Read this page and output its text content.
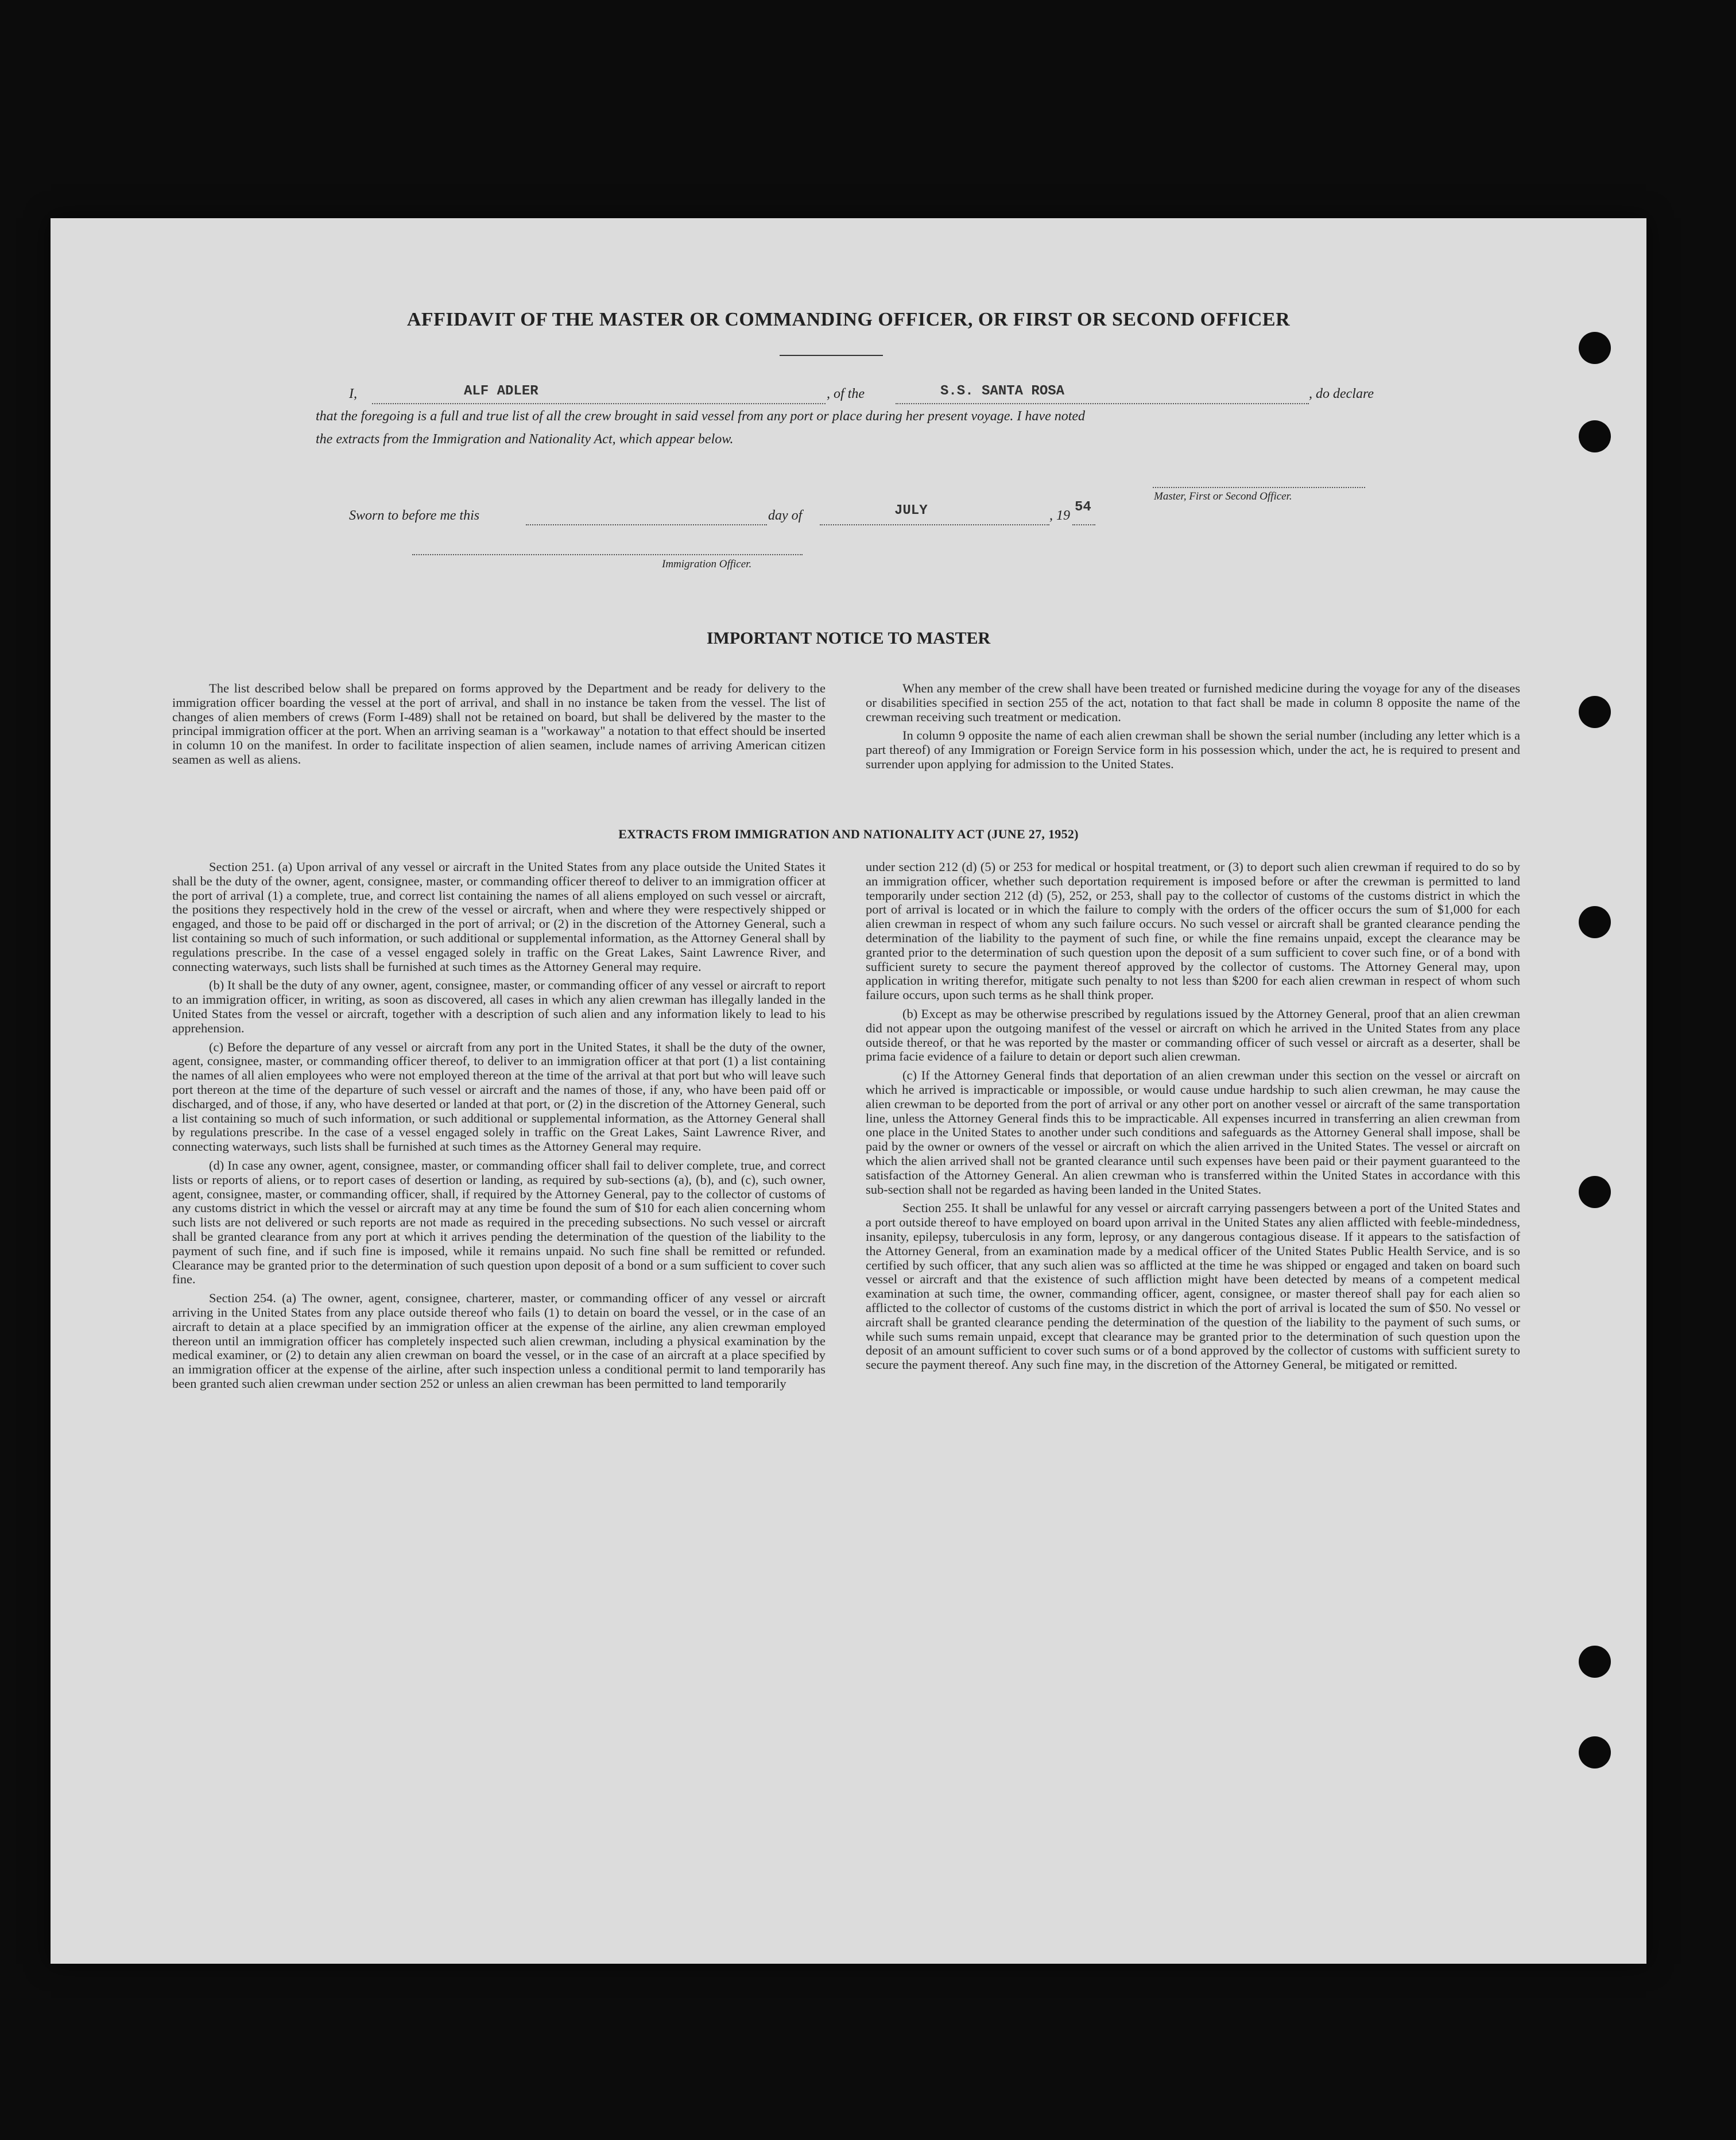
AFFIDAVIT OF THE MASTER OR COMMANDING OFFICER, OR FIRST OR SECOND OFFICER
I,	ALF ADLER	, of the	S.S. SANTA ROSA	, do declare
that the foregoing is a full and true list of all the crew brought in said vessel from any port or place during her present voyage. I have noted
the extracts from the Immigration and Nationality Act, which appear below.
Master, First or Second Officer.
Sworn to before me this	day of	JULY	, 19
54
Immigration Officer.
IMPORTANT NOTICE TO MASTER

The list described below shall be prepared on forms approved by the Department and be ready for delivery to the immigration officer boarding the vessel at the port of arrival, and shall in no instance be taken from the vessel. The list of changes of alien members of crews (Form I-489) shall not be retained on board, but shall be delivered by the master to the principal immigration officer at the port. When an arriving seaman is a "workaway" a notation to that effect should be inserted in column 10 on the manifest. In order to facilitate inspection of alien seamen, include names of arriving American citizen seamen as well as aliens.

When any member of the crew shall have been treated or furnished medicine during the voyage for any of the diseases or disabilities specified in section 255 of the act, notation to that fact shall be made in column 8 opposite the name of the crewman receiving such treatment or medication.

In column 9 opposite the name of each alien crewman shall be shown the serial number (including any letter which is a part thereof) of any Immigration or Foreign Service form in his possession which, under the act, he is required to present and surrender upon applying for admission to the United States.

EXTRACTS FROM IMMIGRATION AND NATIONALITY ACT (JUNE 27, 1952)

Section 251. (a) Upon arrival of any vessel or aircraft in the United States from any place outside the United States it shall be the duty of the owner, agent, consignee, master, or commanding officer thereof to deliver to an immigration officer at the port of arrival (1) a complete, true, and correct list containing the names of all aliens employed on such vessel or aircraft, the positions they respectively hold in the crew of the vessel or aircraft, when and where they were respectively shipped or engaged, and those to be paid off or discharged in the port of arrival; or (2) in the discretion of the Attorney General, such a list containing so much of such information, or such additional or supplemental information, as the Attorney General shall by regulations prescribe. In the case of a vessel engaged solely in traffic on the Great Lakes, Saint Lawrence River, and connecting waterways, such lists shall be furnished at such times as the Attorney General may require.

(b) It shall be the duty of any owner, agent, consignee, master, or commanding officer of any vessel or aircraft to report to an immigration officer, in writing, as soon as discovered, all cases in which any alien crewman has illegally landed in the United States from the vessel or aircraft, together with a description of such alien and any information likely to lead to his apprehension.

(c) Before the departure of any vessel or aircraft from any port in the United States, it shall be the duty of the owner, agent, consignee, master, or commanding officer thereof, to deliver to an immigration officer at that port (1) a list containing the names of all alien employees who were not employed thereon at the time of the arrival at that port but who will leave such port thereon at the time of the departure of such vessel or aircraft and the names of those, if any, who have been paid off or discharged, and of those, if any, who have deserted or landed at that port, or (2) in the discretion of the Attorney General, such a list containing so much of such information, or such additional or supplemental information, as the Attorney General shall by regulations prescribe. In the case of a vessel engaged solely in traffic on the Great Lakes, Saint Lawrence River, and connecting waterways, such lists shall be furnished at such times as the Attorney General may require.

(d) In case any owner, agent, consignee, master, or commanding officer shall fail to deliver complete, true, and correct lists or reports of aliens, or to report cases of desertion or landing, as required by sub-sections (a), (b), and (c), such owner, agent, consignee, master, or commanding officer, shall, if required by the Attorney General, pay to the collector of customs of any customs district in which the vessel or aircraft may at any time be found the sum of $10 for each alien concerning whom such lists are not delivered or such reports are not made as required in the preceding subsections. No such vessel or aircraft shall be granted clearance from any port at which it arrives pending the determination of the question of the liability to the payment of such fine, and if such fine is imposed, while it remains unpaid. No such fine shall be remitted or refunded. Clearance may be granted prior to the determination of such question upon deposit of a bond or a sum sufficient to cover such fine.

Section 254. (a) The owner, agent, consignee, charterer, master, or commanding officer of any vessel or aircraft arriving in the United States from any place outside thereof who fails (1) to detain on board the vessel, or in the case of an aircraft to detain at a place specified by an immigration officer at the expense of the airline, any alien crewman employed thereon until an immigration officer has completely inspected such alien crewman, including a physical examination by the medical examiner, or (2) to detain any alien crewman on board the vessel, or in the case of an aircraft at a place specified by an immigration officer at the expense of the airline, after such inspection unless a conditional permit to land temporarily has been granted such alien crewman under section 252 or unless an alien crewman has been permitted to land temporarily

under section 212 (d) (5) or 253 for medical or hospital treatment, or (3) to deport such alien crewman if required to do so by an immigration officer, whether such deportation requirement is imposed before or after the crewman is permitted to land temporarily under section 212 (d) (5), 252, or 253, shall pay to the collector of customs of the customs district in which the port of arrival is located or in which the failure to comply with the orders of the officer occurs the sum of $1,000 for each alien crewman in respect of whom any such failure occurs. No such vessel or aircraft shall be granted clearance pending the determination of the liability to the payment of such fine, or while the fine remains unpaid, except the clearance may be granted prior to the determination of such question upon the deposit of a sum sufficient to cover such fine, or of a bond with sufficient surety to secure the payment thereof approved by the collector of customs. The Attorney General may, upon application in writing therefor, mitigate such penalty to not less than $200 for each alien crewman in respect of whom such failure occurs, upon such terms as he shall think proper.

(b) Except as may be otherwise prescribed by regulations issued by the Attorney General, proof that an alien crewman did not appear upon the outgoing manifest of the vessel or aircraft on which he arrived in the United States from any place outside thereof, or that he was reported by the master or commanding officer of such vessel or aircraft as a deserter, shall be prima facie evidence of a failure to detain or deport such alien crewman.

(c) If the Attorney General finds that deportation of an alien crewman under this section on the vessel or aircraft on which he arrived is impracticable or impossible, or would cause undue hardship to such alien crewman, he may cause the alien crewman to be deported from the port of arrival or any other port on another vessel or aircraft of the same transportation line, unless the Attorney General finds this to be impracticable. All expenses incurred in transferring an alien crewman from one place in the United States to another under such conditions and safeguards as the Attorney General shall impose, shall be paid by the owner or owners of the vessel or aircraft on which the alien arrived in the United States. The vessel or aircraft on which the alien arrived shall not be granted clearance until such expenses have been paid or their payment guaranteed to the satisfaction of the Attorney General. An alien crewman who is transferred within the United States in accordance with this sub-section shall not be regarded as having been landed in the United States.

Section 255. It shall be unlawful for any vessel or aircraft carrying passengers between a port of the United States and a port outside thereof to have employed on board upon arrival in the United States any alien afflicted with feeble-mindedness, insanity, epilepsy, tuberculosis in any form, leprosy, or any dangerous contagious disease. If it appears to the satisfaction of the Attorney General, from an examination made by a medical officer of the United States Public Health Service, and is so certified by such officer, that any such alien was so afflicted at the time he was shipped or engaged and taken on board such vessel or aircraft and that the existence of such affliction might have been detected by means of a competent medical examination at such time, the owner, commanding officer, agent, consignee, or master thereof shall pay for each alien so afflicted to the collector of customs of the customs district in which the port of arrival is located the sum of $50. No vessel or aircraft shall be granted clearance pending the determination of the question of the liability to the payment of such sums, or while such sums remain unpaid, except that clearance may be granted prior to the determination of such question upon the deposit of an amount sufficient to cover such sums or of a bond approved by the collector of customs with sufficient surety to secure the payment thereof. Any such fine may, in the discretion of the Attorney General, be mitigated or remitted.
